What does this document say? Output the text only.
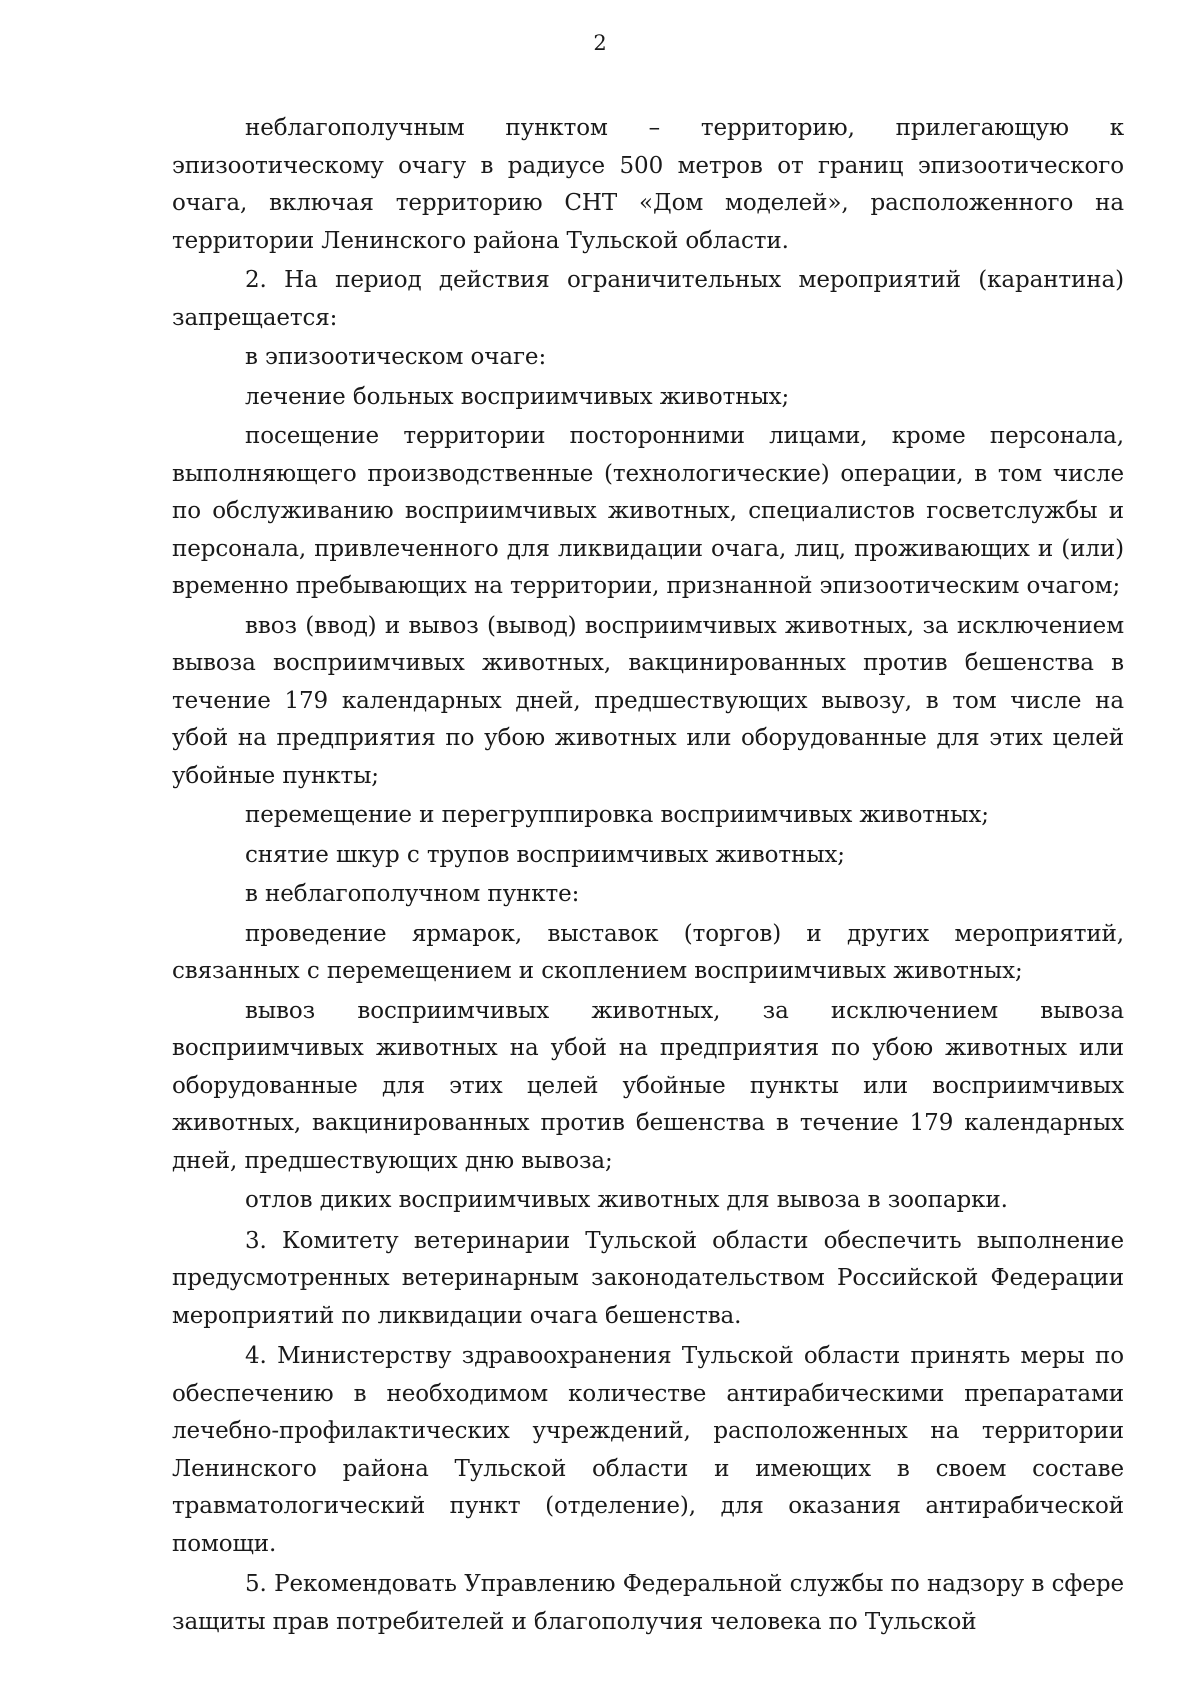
2

неблагополучным пунктом – территорию, прилегающую к эпизоотическому очагу в радиусе 500 метров от границ эпизоотического очага, включая территорию СНТ «Дом моделей», расположенного на территории Ленинского района Тульской области.

2. На период действия ограничительных мероприятий (карантина) запрещается:

в эпизоотическом очаге:

лечение больных восприимчивых животных;

посещение территории посторонними лицами, кроме персонала, выполняющего производственные (технологические) операции, в том числе по обслуживанию восприимчивых животных, специалистов госветслужбы и персонала, привлеченного для ликвидации очага, лиц, проживающих и (или) временно пребывающих на территории, признанной эпизоотическим очагом;

ввоз (ввод) и вывоз (вывод) восприимчивых животных, за исключением вывоза восприимчивых животных, вакцинированных против бешенства в течение 179 календарных дней, предшествующих вывозу, в том числе на убой на предприятия по убою животных или оборудованные для этих целей убойные пункты;

перемещение и перегруппировка восприимчивых животных;

снятие шкур с трупов восприимчивых животных;

в неблагополучном пункте:

проведение ярмарок, выставок (торгов) и других мероприятий, связанных с перемещением и скоплением восприимчивых животных;

вывоз восприимчивых животных, за исключением вывоза восприимчивых животных на убой на предприятия по убою животных или оборудованные для этих целей убойные пункты или восприимчивых животных, вакцинированных против бешенства в течение 179 календарных дней, предшествующих дню вывоза;

отлов диких восприимчивых животных для вывоза в зоопарки.

3. Комитету ветеринарии Тульской области обеспечить выполнение предусмотренных ветеринарным законодательством Российской Федерации мероприятий по ликвидации очага бешенства.

4. Министерству здравоохранения Тульской области принять меры по обеспечению в необходимом количестве антирабическими препаратами лечебно-профилактических учреждений, расположенных на территории Ленинского района Тульской области и имеющих в своем составе травматологический пункт (отделение), для оказания антирабической помощи.

5. Рекомендовать Управлению Федеральной службы по надзору в сфере защиты прав потребителей и благополучия человека по Тульской
